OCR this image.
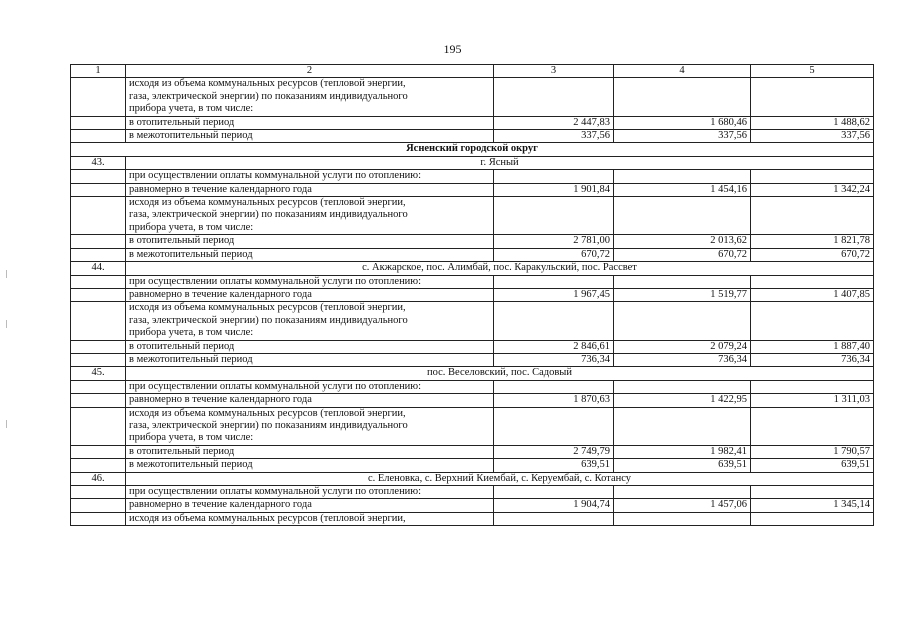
195
1	2	3	4	5

	исходя из объема коммунальных ресурсов (тепловой энергии,
газа, электрической энергии) по показаниям индивидуального
прибора учета, в том числе:			

	в отопительный период	2 447,83	1 680,46	1 488,62
	в межотопительный период	337,56	337,56	337,56
Ясненский городской округ				
43.	г. Ясный			
	при осуществлении оплаты коммунальной услуги по отоплению:			
	равномерно в течение календарного года	1 901,84	1 454,16	1 342,24

	исходя из объема коммунальных ресурсов (тепловой энергии,
газа, электрической энергии) по показаниям индивидуального
прибора учета, в том числе:			

	в отопительный период	2 781,00	2 013,62	1 821,78
	в межотопительный период	670,72	670,72	670,72
44.	с. Акжарское, пос. Алимбай, пос. Каракульский, пос. Рассвет			
	при осуществлении оплаты коммунальной услуги по отоплению:			
	равномерно в течение календарного года	1 967,45	1 519,77	1 407,85

	исходя из объема коммунальных ресурсов (тепловой энергии,
газа, электрической энергии) по показаниям индивидуального
прибора учета, в том числе:			

	в отопительный период	2 846,61	2 079,24	1 887,40
	в межотопительный период	736,34	736,34	736,34
45.	пос. Веселовский, пос. Садовый			
	при осуществлении оплаты коммунальной услуги по отоплению:			
	равномерно в течение календарного года	1 870,63	1 422,95	1 311,03

	исходя из объема коммунальных ресурсов (тепловой энергии,
газа, электрической энергии) по показаниям индивидуального
прибора учета, в том числе:			

	в отопительный период	2 749,79	1 982,41	1 790,57
	в межотопительный период	639,51	639,51	639,51
46.	с. Еленовка, с. Верхний Киембай, с. Керуембай, с. Котансу			
	при осуществлении оплаты коммунальной услуги по отоплению:			
	равномерно в течение календарного года	1 904,74	1 457,06	1 345,14
	исходя из объема коммунальных ресурсов (тепловой энергии,			
